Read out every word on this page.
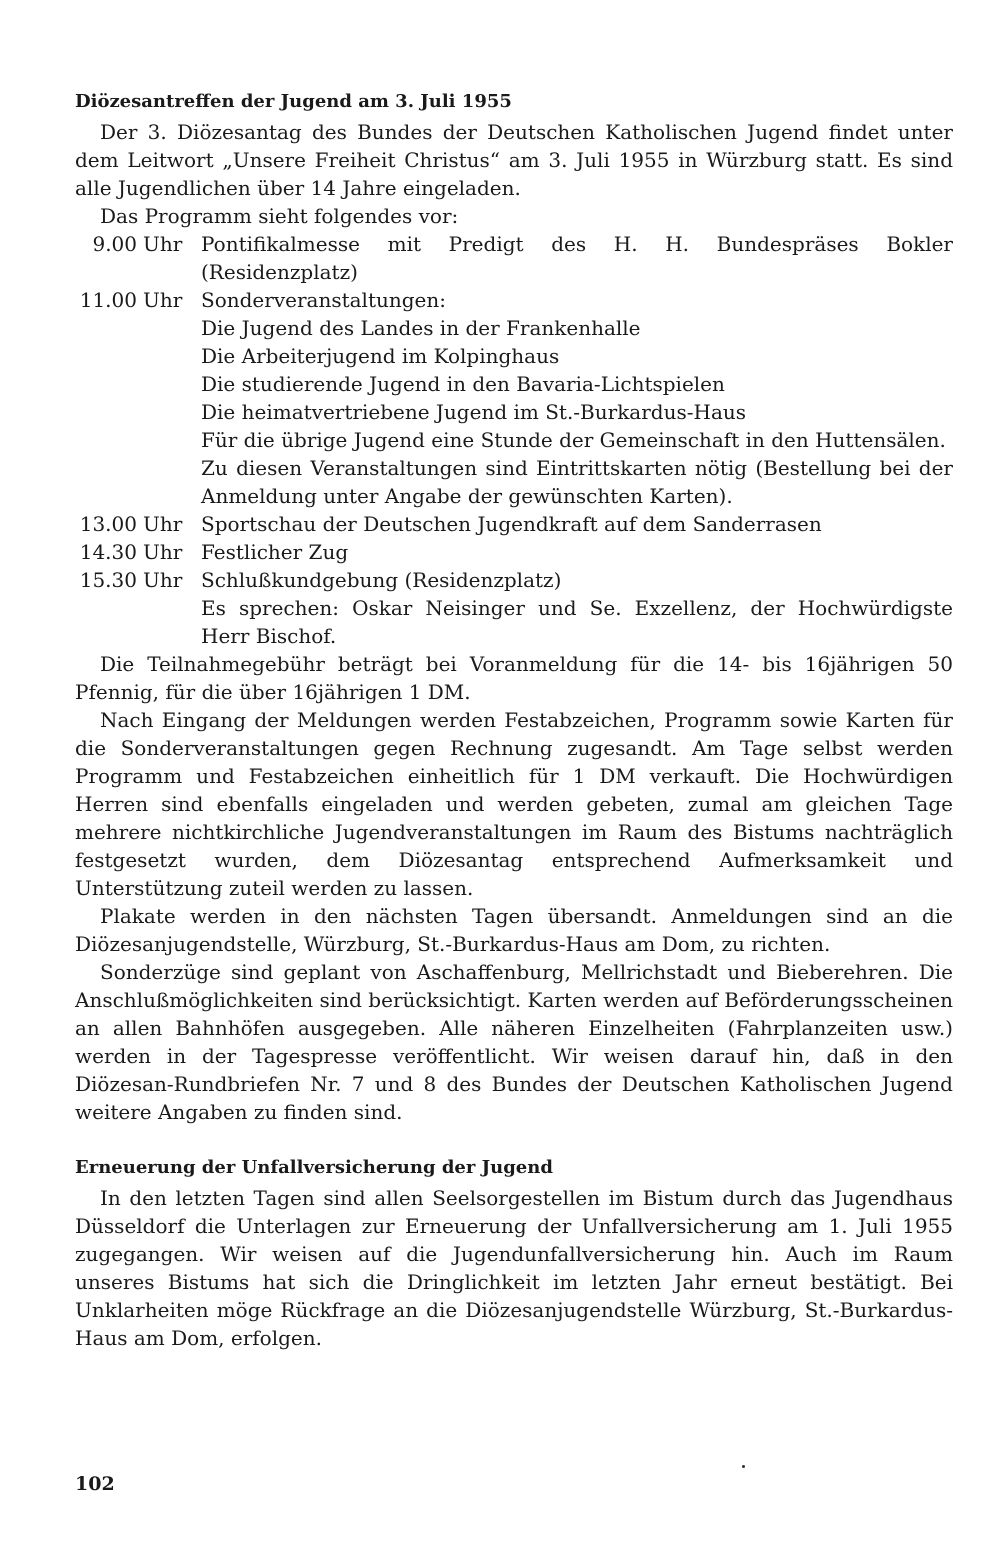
Diözesantreffen der Jugend am 3. Juli 1955

Der 3. Diözesantag des Bundes der Deutschen Katholischen Jugend findet unter dem Leitwort „Unsere Freiheit Christus“ am 3. Juli 1955 in Würzburg statt. Es sind alle Jugendlichen über 14 Jahre eingeladen.

Das Programm sieht folgendes vor:

9.00 Uhr Pontifikalmesse mit Predigt des H. H. Bundespräses Bokler (Residenzplatz)

11.00 Uhr Sonderveranstaltungen:

Die Jugend des Landes in der Frankenhalle
Die Arbeiterjugend im Kolpinghaus
Die studierende Jugend in den Bavaria-Lichtspielen
Die heimatvertriebene Jugend im St.-Burkardus-Haus
Für die übrige Jugend eine Stunde der Gemeinschaft in den Huttensälen.
Zu diesen Veranstaltungen sind Eintrittskarten nötig (Bestellung bei der Anmeldung unter Angabe der gewünschten Karten).
13.00 Uhr Sportschau der Deutschen Jugendkraft auf dem Sanderrasen

14.30 Uhr Festlicher Zug

15.30 Uhr Schlußkundgebung (Residenzplatz)

Es sprechen: Oskar Neisinger und Se. Exzellenz, der Hochwürdigste Herr Bischof.

Die Teilnahmegebühr beträgt bei Voranmeldung für die 14- bis 16jährigen 50 Pfennig, für die über 16jährigen 1 DM.

Nach Eingang der Meldungen werden Festabzeichen, Programm sowie Karten für die Sonderveranstaltungen gegen Rechnung zugesandt. Am Tage selbst werden Programm und Festabzeichen einheitlich für 1 DM verkauft. Die Hochwürdigen Herren sind ebenfalls eingeladen und werden gebeten, zumal am gleichen Tage mehrere nichtkirchliche Jugendveranstaltungen im Raum des Bistums nachträglich festgesetzt wurden, dem Diözesantag entsprechend Aufmerksamkeit und Unterstützung zuteil werden zu lassen.

Plakate werden in den nächsten Tagen übersandt. Anmeldungen sind an die Diözesanjugendstelle, Würzburg, St.-Burkardus-Haus am Dom, zu richten.

Sonderzüge sind geplant von Aschaffenburg, Mellrichstadt und Bieberehren. Die Anschlußmöglichkeiten sind berücksichtigt. Karten werden auf Beförderungsscheinen an allen Bahnhöfen ausgegeben. Alle näheren Einzelheiten (Fahrplanzeiten usw.) werden in der Tagespresse veröffentlicht. Wir weisen darauf hin, daß in den Diözesan-Rundbriefen Nr. 7 und 8 des Bundes der Deutschen Katholischen Jugend weitere Angaben zu finden sind.

Erneuerung der Unfallversicherung der Jugend

In den letzten Tagen sind allen Seelsorgestellen im Bistum durch das Jugendhaus Düsseldorf die Unterlagen zur Erneuerung der Unfallversicherung am 1. Juli 1955 zugegangen. Wir weisen auf die Jugendunfallversicherung hin. Auch im Raum unseres Bistums hat sich die Dringlichkeit im letzten Jahr erneut bestätigt. Bei Unklarheiten möge Rückfrage an die Diözesanjugendstelle Würzburg, St.-Burkardus-Haus am Dom, erfolgen.

102
